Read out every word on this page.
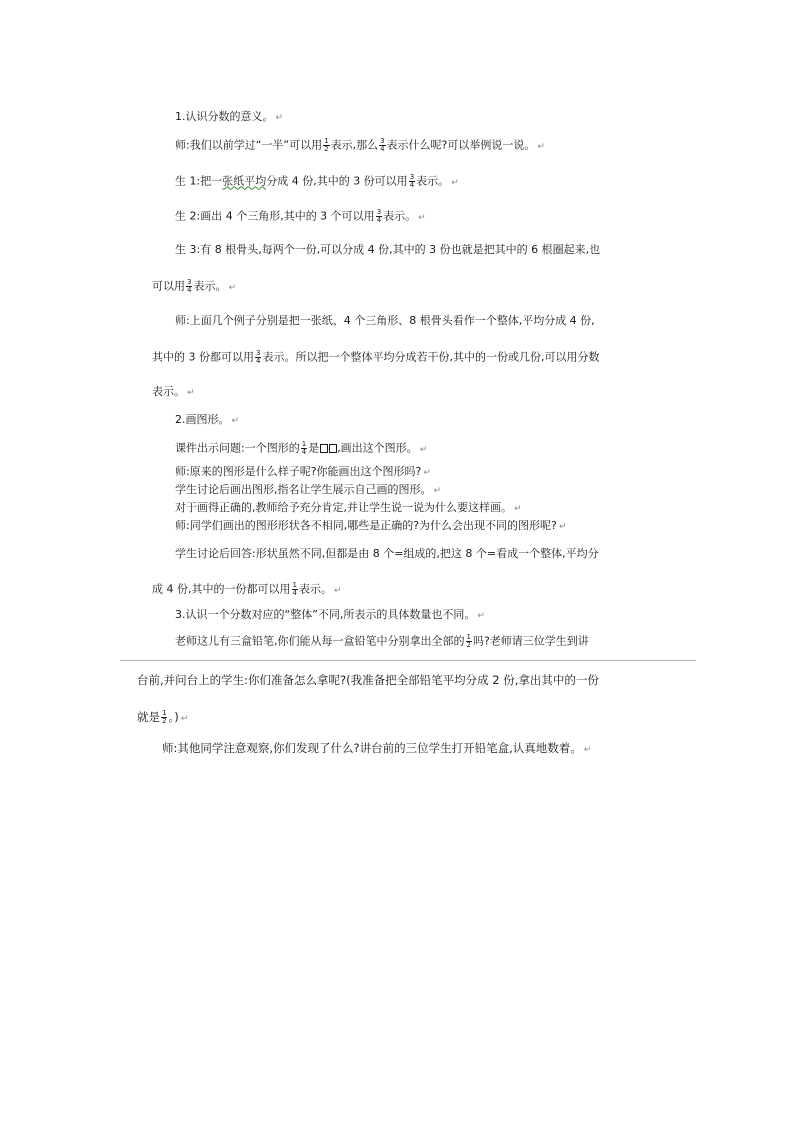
1.认识分数的意义。 ↵
师:我们以前学过“一半”可以用 $\frac{1}{2}$ 表示,那么 $\frac{3}{4}$ 表示什么呢?可以举例说一说。 ↵
生 1:把一张纸平均分成 4 份,其中的 3 份可以用 $\frac{3}{4}$ 表示。 ↵
生 2:画出 4 个三角形,其中的 3 个可以用 $\frac{3}{4}$ 表示。 ↵
生 3:有 8 根骨头,每两个一份,可以分成 4 份,其中的 3 份也就是把其中的 6 根圈起来,也
可以用 $\frac{3}{4}$ 表示。 ↵
师:上面几个例子分别是把一张纸、4 个三角形、8 根骨头看作一个整体,平均分成 4 份,
其中的 3 份都可以用 $\frac{3}{4}$ 表示。所以把一个整体平均分成若干份,其中的一份或几份,可以用分数
表示。 ↵
2.画图形。 ↵
课件出示问题:一个图形的 $\frac{1}{4}$ 是 ,画出这个图形。 ↵
师:原来的图形是什么样子呢?你能画出这个图形吗? ↵
学生讨论后画出图形,指名让学生展示自己画的图形。 ↵
对于画得正确的,教师给予充分肯定,并让学生说一说为什么要这样画。 ↵
师:同学们画出的图形形状各不相同,哪些是正确的?为什么会出现不同的图形呢? ↵
学生讨论后回答:形状虽然不同,但都是由 8 个=组成的,把这 8 个=看成一个整体,平均分
成 4 份,其中的一份都可以用 $\frac{1}{4}$ 表示。 ↵
3.认识一个分数对应的“整体”不同,所表示的具体数量也不同。 ↵
老师这儿有三盒铅笔,你们能从每一盒铅笔中分别拿出全部的 $\frac{1}{2}$ 吗?老师请三位学生到讲
台前,并问台上的学生:你们准备怎么拿呢?(我准备把全部铅笔平均分成 2 份,拿出其中的一份
就是 $\frac{1}{2}$ 。) ↵
师:其他同学注意观察,你们发现了什么?讲台前的三位学生打开铅笔盒,认真地数着。 ↵
